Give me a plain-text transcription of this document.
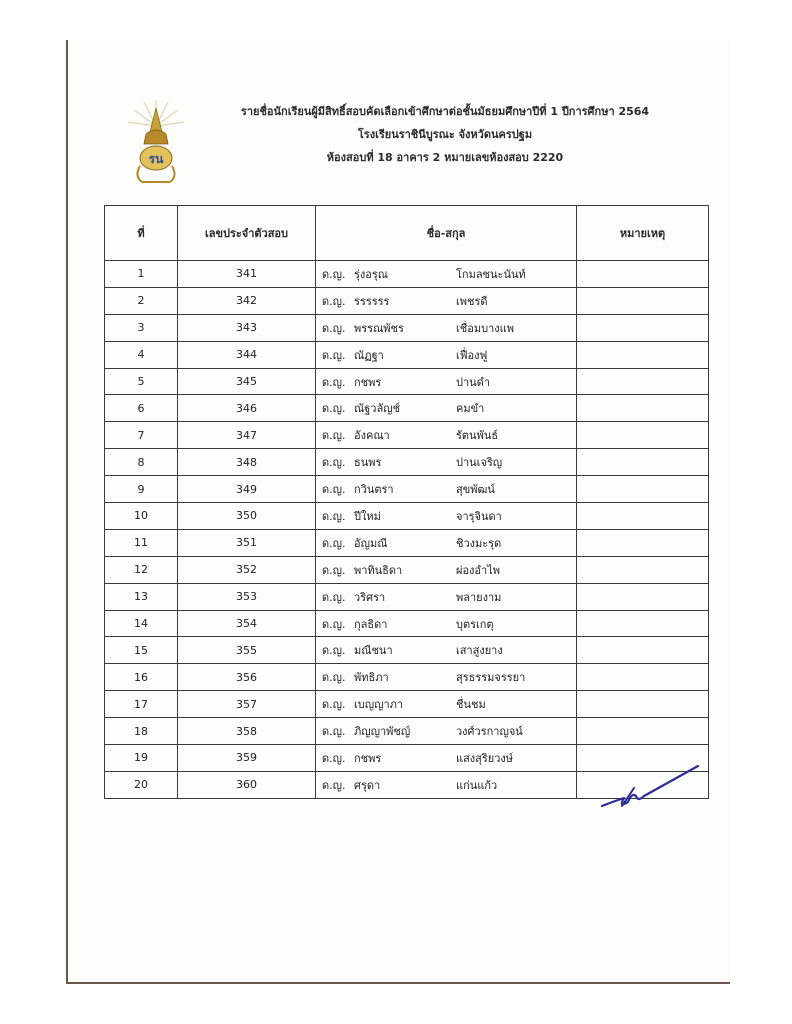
รน
รายชื่อนักเรียนผู้มีสิทธิ์สอบคัดเลือกเข้าศึกษาต่อชั้นมัธยมศึกษาปีที่ 1 ปีการศึกษา 2564
โรงเรียนราชินีบูรณะ จังหวัดนครปฐม
ห้องสอบที่ 18 อาคาร 2 หมายเลขห้องสอบ 2220
ที่	เลขประจำตัวสอบ	ชื่อ-สกุล	หมายเหตุ
1	341	ด.ญ. รุ่งอรุณ โกมลชนะนันท์	
2	342	ด.ญ. รรรรรร เพชรดี	
3	343	ด.ญ. พรรณพัชร เชื่อมบางแพ	
4	344	ด.ญ. ณัฏฐา เฟื่องฟู	
5	345	ด.ญ. กชพร ปานดำ	
6	346	ด.ญ. ณัฐวลัญช์ คมขำ	
7	347	ด.ญ. อังคณา รัตนพันธ์	
8	348	ด.ญ. ธนพร ปานเจริญ	
9	349	ด.ญ. กวินตรา สุขพัฒน์	
10	350	ด.ญ. ปีใหม่ จารุจินดา	
11	351	ด.ญ. อัญมณี ชิวงมะรุด	
12	352	ด.ญ. พาทินธิดา ผ่องอำไพ	
13	353	ด.ญ. วริศรา พลายงาม	
14	354	ด.ญ. กุลธิดา บุตรเกตุ	
15	355	ด.ญ. มณีชนา เสาสูงยาง	
16	356	ด.ญ. พัทธิภา สุรธรรมจรรยา	
17	357	ด.ญ. เบญญาภา ชื่นชม	
18	358	ด.ญ. ภิญญาพัชญ์ วงศ์วรกาญจน์	
19	359	ด.ญ. กชพร แสงสุริยวงษ์	
20	360	ด.ญ. ศรุดา แก่นแก้ว	
